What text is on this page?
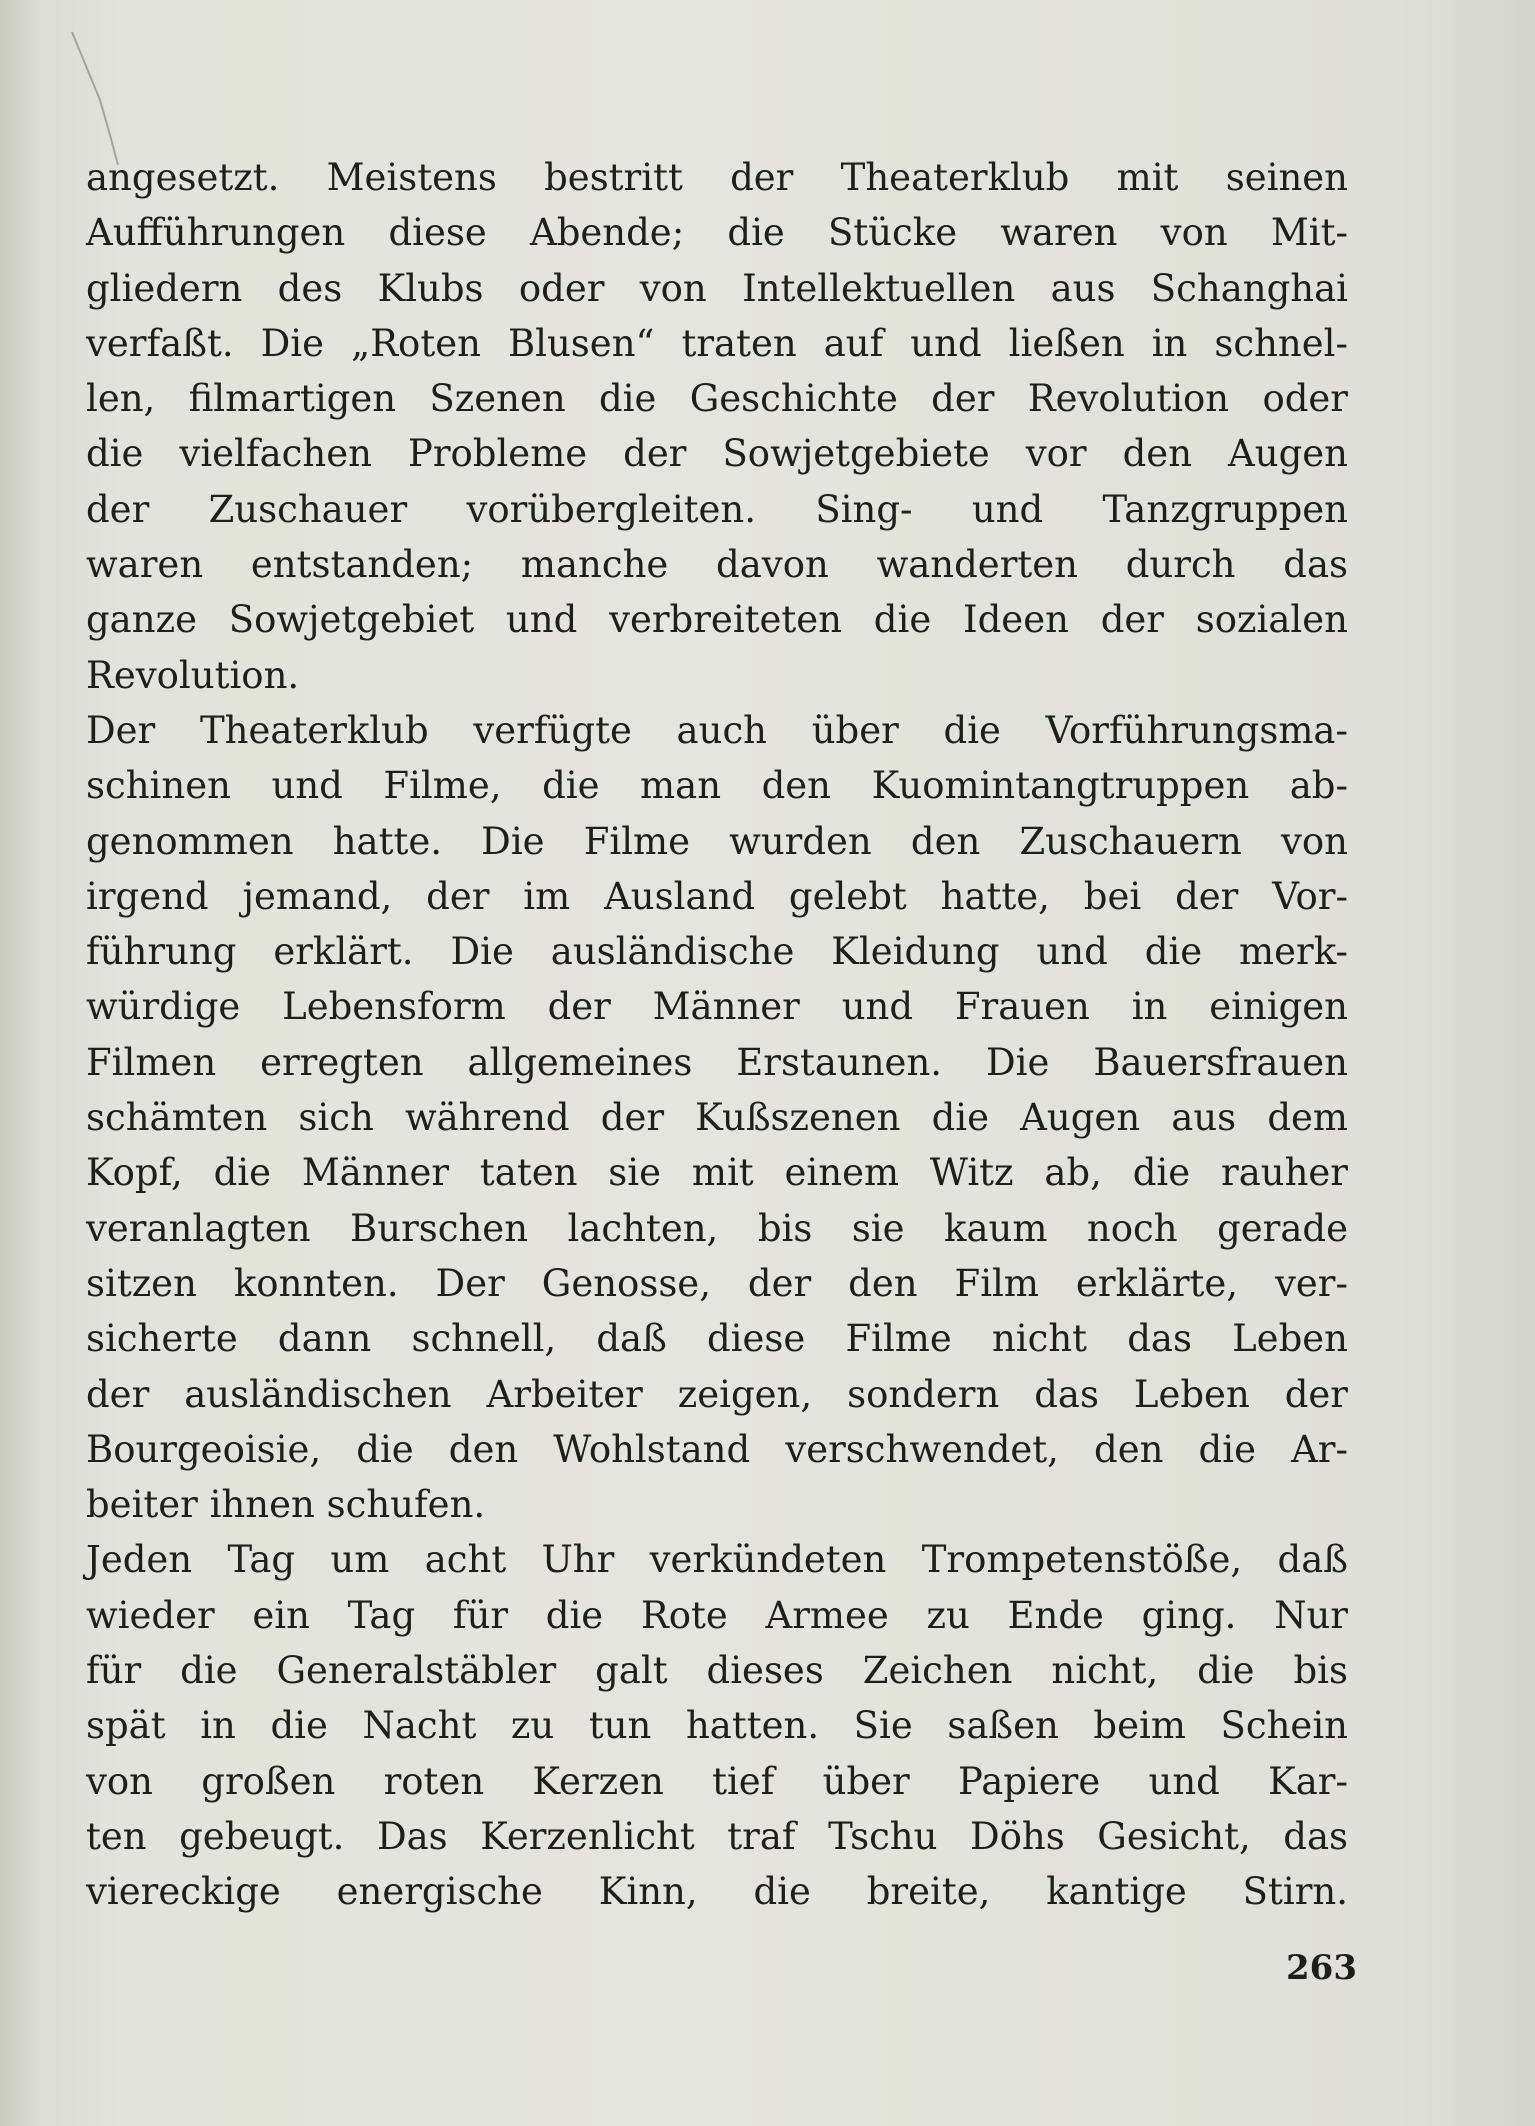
angesetzt. Meistens bestritt der Theaterklub mit seinen
Aufführungen diese Abende; die Stücke waren von Mit-
gliedern des Klubs oder von Intellektuellen aus Schanghai
verfaßt. Die „Roten Blusen“ traten auf und ließen in schnel-
len, filmartigen Szenen die Geschichte der Revolution oder
die vielfachen Probleme der Sowjetgebiete vor den Augen
der Zuschauer vorübergleiten. Sing- und Tanzgruppen
waren entstanden; manche davon wanderten durch das
ganze Sowjetgebiet und verbreiteten die Ideen der sozialen
Revolution.
Der Theaterklub verfügte auch über die Vorführungsma-
schinen und Filme, die man den Kuomintangtruppen ab-
genommen hatte. Die Filme wurden den Zuschauern von
irgend jemand, der im Ausland gelebt hatte, bei der Vor-
führung erklärt. Die ausländische Kleidung und die merk-
würdige Lebensform der Männer und Frauen in einigen
Filmen erregten allgemeines Erstaunen. Die Bauersfrauen
schämten sich während der Kußszenen die Augen aus dem
Kopf, die Männer taten sie mit einem Witz ab, die rauher
veranlagten Burschen lachten, bis sie kaum noch gerade
sitzen konnten. Der Genosse, der den Film erklärte, ver-
sicherte dann schnell, daß diese Filme nicht das Leben
der ausländischen Arbeiter zeigen, sondern das Leben der
Bourgeoisie, die den Wohlstand verschwendet, den die Ar-
beiter ihnen schufen.
Jeden Tag um acht Uhr verkündeten Trompetenstöße, daß
wieder ein Tag für die Rote Armee zu Ende ging. Nur
für die Generalstäbler galt dieses Zeichen nicht, die bis
spät in die Nacht zu tun hatten. Sie saßen beim Schein
von großen roten Kerzen tief über Papiere und Kar-
ten gebeugt. Das Kerzenlicht traf Tschu Döhs Gesicht, das
viereckige energische Kinn, die breite, kantige Stirn.
263
